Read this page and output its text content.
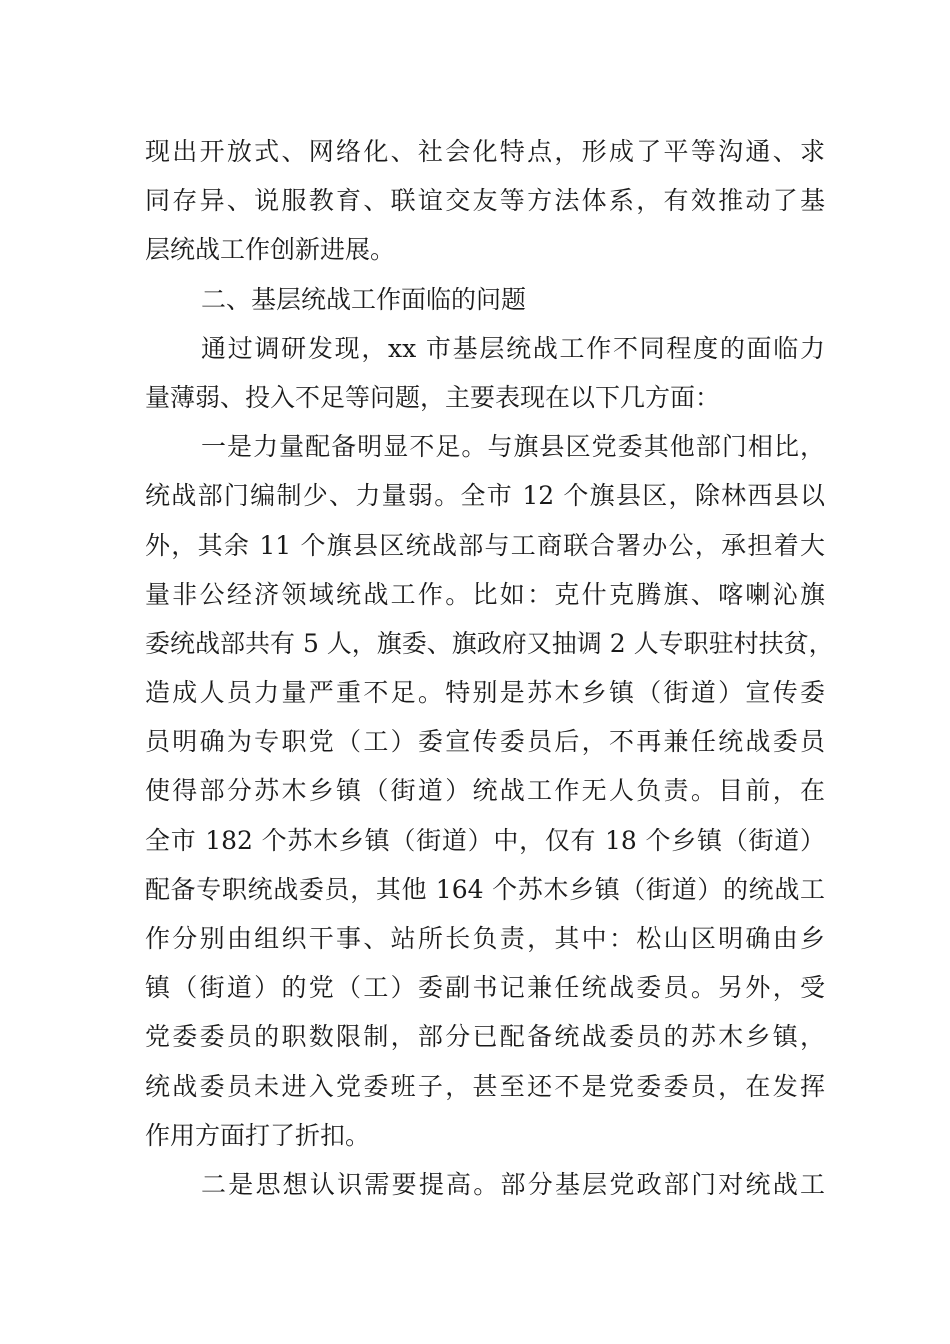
现出开放式、网络化、社会化特点，形成了平等沟通、求
同存异、说服教育、联谊交友等方法体系，有效推动了基
层统战工作创新进展。
二、基层统战工作面临的问题
通过调研发现，xx 市基层统战工作不同程度的面临力
量薄弱、投入不足等问题，主要表现在以下几方面：
一是力量配备明显不足。与旗县区党委其他部门相比，
统战部门编制少、力量弱。全市 12 个旗县区，除林西县以
外，其余 11 个旗县区统战部与工商联合署办公，承担着大
量非公经济领域统战工作。比如：克什克腾旗、喀喇沁旗
委统战部共有 5 人，旗委、旗政府又抽调 2 人专职驻村扶贫，
造成人员力量严重不足。特别是苏木乡镇（街道）宣传委
员明确为专职党（工）委宣传委员后，不再兼任统战委员
使得部分苏木乡镇（街道）统战工作无人负责。目前，在
全市 182 个苏木乡镇（街道）中，仅有 18 个乡镇（街道）
配备专职统战委员，其他 164 个苏木乡镇（街道）的统战工
作分别由组织干事、站所长负责，其中：松山区明确由乡
镇（街道）的党（工）委副书记兼任统战委员。另外，受
党委委员的职数限制，部分已配备统战委员的苏木乡镇，
统战委员未进入党委班子，甚至还不是党委委员，在发挥
作用方面打了折扣。
二是思想认识需要提高。部分基层党政部门对统战工
